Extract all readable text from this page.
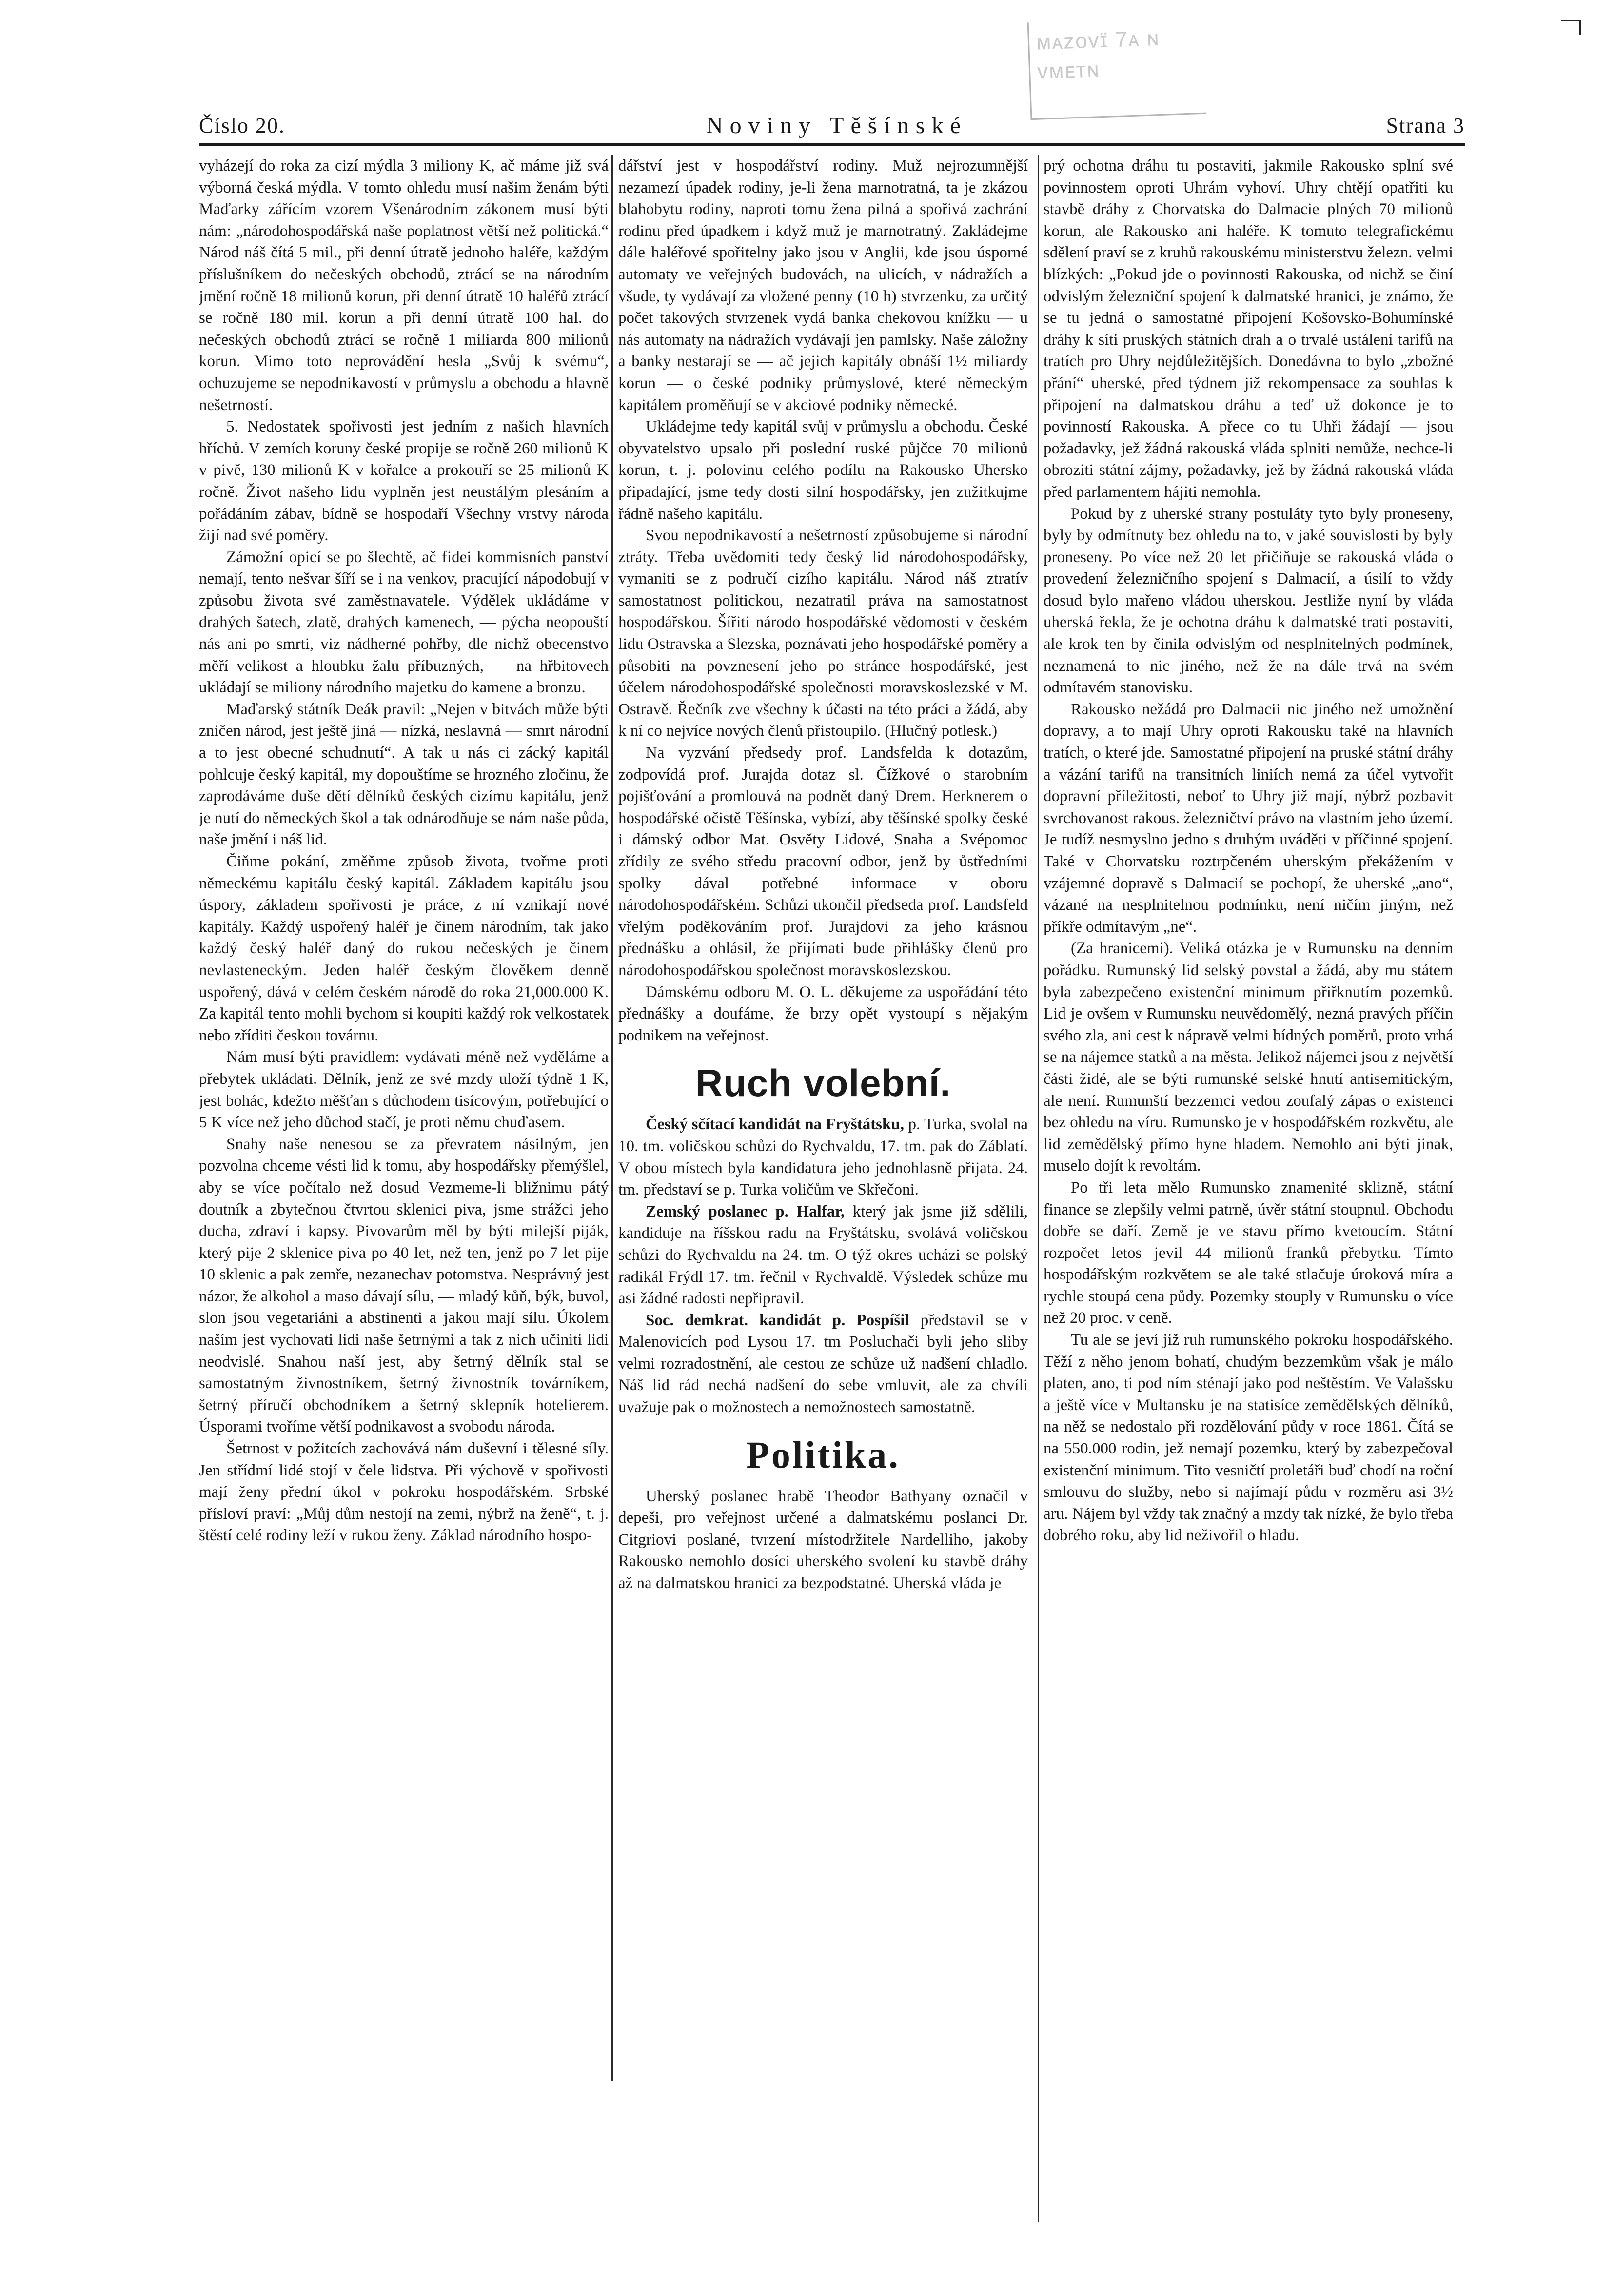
ᴍᴀᴢᴏᴠɪ̈ 7ᴀ ɴ
ᴠᴍᴇᴛɴ
Číslo 20.	Noviny Těšínské	Strana 3

vyházejí do roka za cizí mýdla 3 miliony K, ač máme již svá výborná česká mýdla. V tomto ohledu musí našim ženám býti Maďarky zářícím vzorem Všenárodním zákonem musí býti nám: „národohospodářská naše poplatnost větší než politická.“ Národ náš čítá 5 mil., při denní útratě jednoho haléře, každým příslušníkem do nečeských obchodů, ztrácí se na národním jmění ročně 18 milionů korun, při denní útratě 10 haléřů ztrácí se ročně 180 mil. korun a při denní útratě 100 hal. do nečeských obchodů ztrácí se ročně 1 miliarda 800 milionů korun. Mimo toto neprovádění hesla „Svůj k svému“, ochuzujeme se nepodnikavostí v průmyslu a obchodu a hlavně nešetrností.

5. Nedostatek spořivosti jest jedním z našich hlavních hříchů. V zemích koruny české propije se ročně 260 milionů K v pivě, 130 milionů K v kořalce a prokouří se 25 milionů K ročně. Život našeho lidu vyplněn jest neustálým plesáním a pořádáním zábav, bídně se hospodaří Všechny vrstvy národa žijí nad své poměry.

Zámožní opicí se po šlechtě, ač fidei kommisních panství nemají, tento nešvar šíří se i na venkov, pracující nápodobují v způsobu života své zaměstnavatele. Výdělek ukládáme v drahých šatech, zlatě, drahých kamenech, — pýcha neopouští nás ani po smrti, viz nádherné pohřby, dle nichž obecenstvo měří velikost a hloubku žalu příbuzných, — na hřbitovech ukládají se miliony národního majetku do kamene a bronzu.

Maďarský státník Deák pravil: „Nejen v bitvách může býti zničen národ, jest ještě jiná — nízká, neslavná — smrt národní a to jest obecné schudnutí“. A tak u nás ci zácký kapitál pohlcuje český kapitál, my dopouštíme se hrozného zločinu, že zaprodáváme duše dětí dělníků českých cizímu kapitálu, jenž je nutí do německých škol a tak odnárodňuje se nám naše půda, naše jmění i náš lid.

Čiňme pokání, změňme způsob života, tvořme proti německému kapitálu český kapitál. Základem kapitálu jsou úspory, základem spořivosti je práce, z ní vznikají nové kapitály. Každý uspořený haléř je činem národním, tak jako každý český haléř daný do rukou nečeských je činem nevlasteneckým. Jeden haléř českým člověkem denně uspořený, dává v celém českém národě do roka 21,000.000 K. Za kapitál tento mohli bychom si koupiti každý rok velkostatek nebo zříditi českou továrnu.

Nám musí býti pravidlem: vydávati méně než vyděláme a přebytek ukládati. Dělník, jenž ze své mzdy uloží týdně 1 K, jest bohác, kdežto měšťan s důchodem tisícovým, potřebující o 5 K více než jeho důchod stačí, je proti němu chuďasem.

Snahy naše nenesou se za převratem násilným, jen pozvolna chceme vésti lid k tomu, aby hospodářsky přemýšlel, aby se více počítalo než dosud Vezmeme-li bližnimu pátý doutník a zbytečnou čtvrtou sklenici piva, jsme strážci jeho ducha, zdraví i kapsy. Pivovarům měl by býti milejší piják, který pije 2 sklenice piva po 40 let, než ten, jenž po 7 let pije 10 sklenic a pak zemře, nezanechav potomstva. Nesprávný jest názor, že alkohol a maso dávají sílu, — mladý kůň, býk, buvol, slon jsou vegetariáni a abstinenti a jakou mají sílu. Úkolem naším jest vychovati lidi naše šetrnými a tak z nich učiniti lidi neodvislé. Snahou naší jest, aby šetrný dělník stal se samostatným živnostníkem, šetrný živnostník továrníkem, šetrný příručí obchodníkem a šetrný sklepník hotelierem. Úsporami tvoříme větší podnikavost a svobodu národa.

Šetrnost v požitcích zachovává nám duševní i tělesné síly. Jen střídmí lidé stojí v čele lidstva. Při výchově v spořivosti mají ženy přední úkol v pokroku hospodářském. Srbské přísloví praví: „Můj dům nestojí na zemi, nýbrž na ženě“, t. j. štěstí celé rodiny leží v rukou ženy. Základ národního hospo-

dářství jest v hospodářství rodiny. Muž nejrozumnější nezamezí úpadek rodiny, je-li žena marnotratná, ta je zkázou blahobytu rodiny, naproti tomu žena pilná a spořivá zachrání rodinu před úpadkem i když muž je marnotratný. Zakládejme dále haléřové spořitelny jako jsou v Anglii, kde jsou úsporné automaty ve veřejných budovách, na ulicích, v nádražích a všude, ty vydávají za vložené penny (10 h) stvrzenku, za určitý počet takových stvrzenek vydá banka chekovou knížku — u nás automaty na nádražích vydávají jen pamlsky. Naše záložny a banky nestarají se — ač jejich kapitály obnáší 1½ miliardy korun — o české podniky průmyslové, které německým kapitálem proměňují se v akciové podniky německé.

Ukládejme tedy kapitál svůj v průmyslu a obchodu. České obyvatelstvo upsalo při poslední ruské půjčce 70 milionů korun, t. j. polovinu celého podílu na Rakousko Uhersko připadající, jsme tedy dosti silní hospodářsky, jen zužitkujme řádně našeho kapitálu.

Svou nepodnikavostí a nešetrností způsobujeme si národní ztráty. Třeba uvědomiti tedy český lid národohospodářsky, vymaniti se z područí cizího kapitálu. Národ náš ztratív samostatnost politickou, nezatratil práva na samostatnost hospodářskou. Šířiti národo hospodářské vědomosti v českém lidu Ostravska a Slezska, poznávati jeho hospodářské poměry a působiti na povznesení jeho po stránce hospodářské, jest účelem národohospodářské společnosti moravskoslezské v M. Ostravě. Řečník zve všechny k účasti na této práci a žádá, aby k ní co nejvíce nových členů přistoupilo. (Hlučný potlesk.)

Na vyzvání předsedy prof. Landsfelda k dotazům, zodpovídá prof. Jurajda dotaz sl. Čížkové o starobním pojišťování a promlouvá na podnět daný Drem. Herknerem o hospodářské očistě Těšínska, vybízí, aby těšínské spolky české i dámský odbor Mat. Osvěty Lidové, Snaha a Svépomoc zřídily ze svého středu pracovní odbor, jenž by ůstředními spolky dával potřebné informace v oboru národohospodářském. Schůzi ukončil předseda prof. Landsfeld vřelým poděkováním prof. Jurajdovi za jeho krásnou přednášku a ohlásil, že přijímati bude přihlášky členů pro národohospodářskou společnost moravskoslezskou.

Dámskému odboru M. O. L. děkujeme za uspořádání této přednášky a doufáme, že brzy opět vystoupí s nějakým podnikem na veřejnost.

Ruch volební.

Český sčítací kandidát na Fryštátsku, p. Turka, svolal na 10. tm. voličskou schůzi do Rychvaldu, 17. tm. pak do Záblatí. V obou místech byla kandidatura jeho jednohlasně přijata. 24. tm. představí se p. Turka voličům ve Skřečoni.

Zemský poslanec p. Halfar, který jak jsme již sdělili, kandiduje na říšskou radu na Fryštátsku, svolává voličskou schůzi do Rychvaldu na 24. tm. O týž okres ucházi se polský radikál Frýdl 17. tm. řečnil v Rychvaldě. Výsledek schůze mu asi žádné radosti nepřipravil.

Soc. demkrat. kandidát p. Pospíšil představil se v Malenovicích pod Lysou 17. tm Posluchači byli jeho sliby velmi rozradostnění, ale cestou ze schůze už nadšení chladlo. Náš lid rád nechá nadšení do sebe vmluvit, ale za chvíli uvažuje pak o možnostech a nemožnostech samostatně.

Politika.

Uherský poslanec hrabě Theodor Bathyany označil v depeši, pro veřejnost určené a dalmatskému poslanci Dr. Citgriovi poslané, tvrzení místodržitele Nardelliho, jakoby Rakousko nemohlo dosíci uherského svolení ku stavbě dráhy až na dalmatskou hranici za bezpodstatné. Uherská vláda je

prý ochotna dráhu tu postaviti, jakmile Rakousko splní své povinnostem oproti Uhrám vyhoví. Uhry chtějí opatřiti ku stavbě dráhy z Chorvatska do Dalmacie plných 70 milionů korun, ale Rakousko ani haléře. K tomuto telegrafickému sdělení praví se z kruhů rakouskému ministerstvu železn. velmi blízkých: „Pokud jde o povinnosti Rakouska, od nichž se činí odvislým železniční spojení k dalmatské hranici, je známo, že se tu jedná o samostatné připojení Košovsko-Bohumínské dráhy k síti pruských státních drah a o trvalé ustálení tarifů na tratích pro Uhry nejdůležitějších. Donedávna to bylo „zbožné přání“ uherské, před týdnem již rekompensace za souhlas k připojení na dalmatskou dráhu a teď už dokonce je to povinností Rakouska. A přece co tu Uhři žádají — jsou požadavky, jež žádná rakouská vláda splniti nemůže, nechce-li obroziti státní zájmy, požadavky, jež by žádná rakouská vláda před parlamentem hájiti nemohla.

Pokud by z uherské strany postuláty tyto byly proneseny, byly by odmítnuty bez ohledu na to, v jaké souvislosti by byly proneseny. Po více než 20 let přičiňuje se rakouská vláda o provedení železničního spojení s Dalmacií, a úsilí to vždy dosud bylo mařeno vládou uherskou. Jestliže nyní by vláda uherská řekla, že je ochotna dráhu k dalmatské trati postaviti, ale krok ten by činila odvislým od nesplnitelných podmínek, neznamená to nic jiného, než že na dále trvá na svém odmítavém stanovisku.

Rakousko nežádá pro Dalmacii nic jiného než umožnění dopravy, a to mají Uhry oproti Rakousku také na hlavních tratích, o které jde. Samostatné připojení na pruské státní dráhy a vázání tarifů na transitních liniích nemá za účel vytvořit dopravní příležitosti, neboť to Uhry již mají, nýbrž pozbavit svrchovanost rakous. železničtví právo na vlastním jeho území. Je tudíž nesmyslno jedno s druhým uváděti v příčinné spojení. Také v Chorvatsku roztrpčeném uherským překážením v vzájemné dopravě s Dalmacií se pochopí, že uherské „ano“, vázané na nesplnitelnou podmínku, není ničím jiným, než příkře odmítavým „ne“.

(Za hranicemi). Veliká otázka je v Rumunsku na denním pořádku. Rumunský lid selský povstal a žádá, aby mu státem byla zabezpečeno existenční minimum přiřknutím pozemků. Lid je ovšem v Rumunsku neuvědomělý, nezná pravých příčin svého zla, ani cest k nápravě velmi bídných poměrů, proto vrhá se na nájemce statků a na města. Jelikož nájemci jsou z největší části židé, ale se býti rumunské selské hnutí antisemitickým, ale není. Rumunští bezzemci vedou zoufalý zápas o existenci bez ohledu na víru. Rumunsko je v hospodářském rozkvětu, ale lid zemědělský přímo hyne hladem. Nemohlo ani býti jinak, muselo dojít k revoltám.

Po tři leta mělo Rumunsko znamenité sklizně, státní finance se zlepšily velmi patrně, úvěr státní stoupnul. Obchodu dobře se daří. Země je ve stavu přímo kvetoucím. Státní rozpočet letos jevil 44 milionů franků přebytku. Tímto hospodářským rozkvětem se ale také stlačuje úroková míra a rychle stoupá cena půdy. Pozemky stouply v Rumunsku o více než 20 proc. v ceně.

Tu ale se jeví již ruh rumunského pokroku hospodářského. Těží z něho jenom bohatí, chudým bezzemkům však je málo platen, ano, ti pod ním sténají jako pod neštěstím. Ve Valašsku a ještě více v Multansku je na statisíce zemědělských dělníků, na něž se nedostalo při rozdělování půdy v roce 1861. Čítá se na 550.000 rodin, jež nemají pozemku, který by zabezpečoval existenční minimum. Tito vesničtí proletáři buď chodí na roční smlouvu do služby, nebo si najímají půdu v rozměru asi 3½ aru. Nájem byl vždy tak značný a mzdy tak nízké, že bylo třeba dobrého roku, aby lid neživořil o hladu.
